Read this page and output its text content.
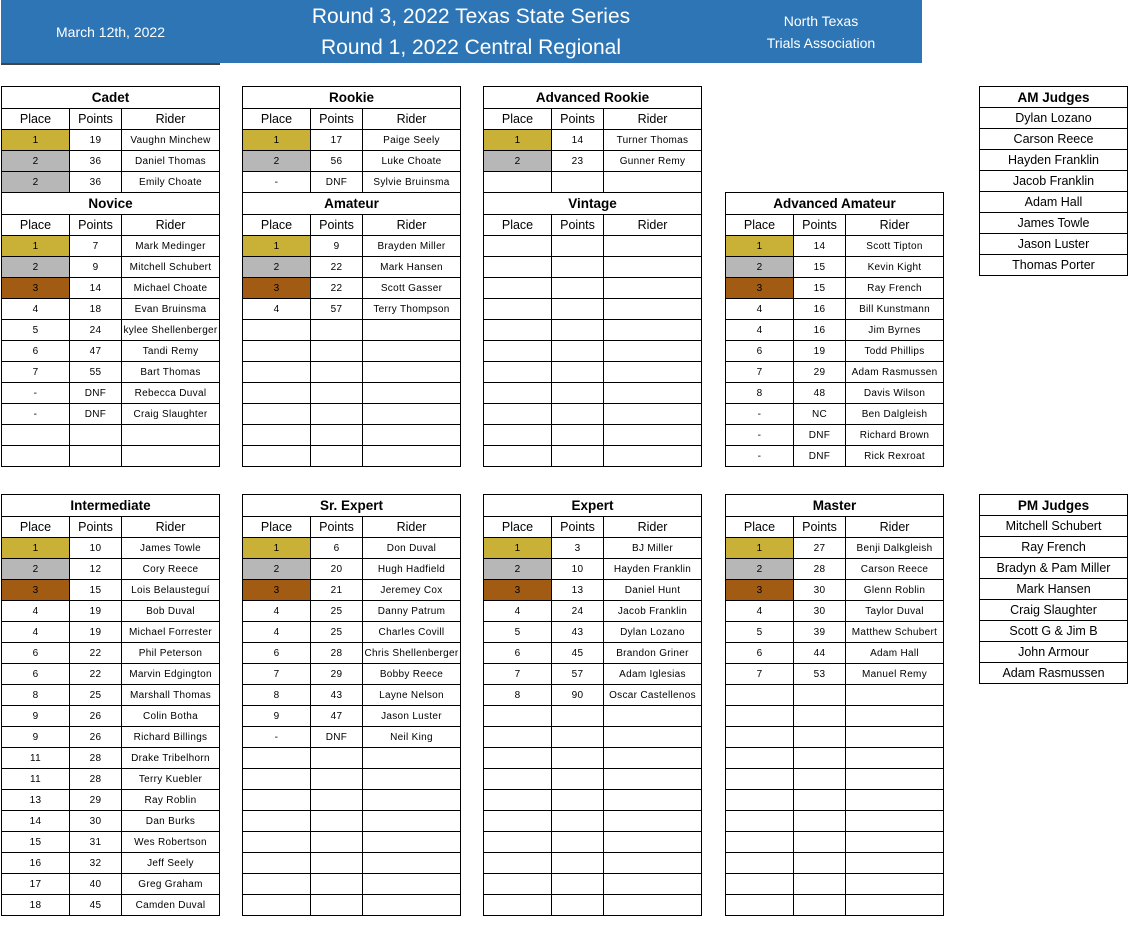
March 12th, 2022
Round 3, 2022 Texas State Series
Round 1, 2022 Central Regional
North Texas
Trials Association
Cadet		
Place	Points	Rider
1	19	Vaughn Minchew
2	36	Daniel Thomas
2	36	Emily Choate
Rookie		
Place	Points	Rider
1	17	Paige Seely
2	56	Luke Choate
-	DNF	Sylvie Bruinsma
Advanced Rookie		
Place	Points	Rider
1	14	Turner Thomas
2	23	Gunner Remy

Novice		
Place	Points	Rider
1	7	Mark Medinger
2	9	Mitchell Schubert
3	14	Michael Choate
4	18	Evan Bruinsma
5	24	kylee Shellenberger
6	47	Tandi Remy
7	55	Bart Thomas
-	DNF	Rebecca Duval
-	DNF	Craig Slaughter

Amateur		
Place	Points	Rider
1	9	Brayden Miller
2	22	Mark Hansen
3	22	Scott Gasser
4	57	Terry Thompson

Vintage		
Place	Points	Rider

Advanced Amateur		
Place	Points	Rider
1	14	Scott Tipton
2	15	Kevin Kight
3	15	Ray French
4	16	Bill Kunstmann
4	16	Jim Byrnes
6	19	Todd Phillips
7	29	Adam Rasmussen
8	48	Davis Wilson
-	NC	Ben Dalgleish
-	DNF	Richard Brown
-	DNF	Rick Rexroat
Intermediate		
Place	Points	Rider
1	10	James Towle
2	12	Cory Reece
3	15	Lois Belausteguí
4	19	Bob Duval
4	19	Michael Forrester
6	22	Phil Peterson
6	22	Marvin Edgington
8	25	Marshall Thomas
9	26	Colin Botha
9	26	Richard Billings
11	28	Drake Tribelhorn
11	28	Terry Kuebler
13	29	Ray Roblin
14	30	Dan Burks
15	31	Wes Robertson
16	32	Jeff Seely
17	40	Greg Graham
18	45	Camden Duval
Sr. Expert		
Place	Points	Rider
1	6	Don Duval
2	20	Hugh Hadfield
3	21	Jeremey Cox
4	25	Danny Patrum
4	25	Charles Covill
6	28	Chris Shellenberger
7	29	Bobby Reece
8	43	Layne Nelson
9	47	Jason Luster
-	DNF	Neil King

Expert		
Place	Points	Rider
1	3	BJ Miller
2	10	Hayden Franklin
3	13	Daniel Hunt
4	24	Jacob Franklin
5	43	Dylan Lozano
6	45	Brandon Griner
7	57	Adam Iglesias
8	90	Oscar Castellenos

Master		
Place	Points	Rider
1	27	Benji Dalkgleish
2	28	Carson Reece
3	30	Glenn Roblin
4	30	Taylor Duval
5	39	Matthew Schubert
6	44	Adam Hall
7	53	Manuel Remy

AM Judges
Dylan Lozano
Carson Reece
Hayden Franklin
Jacob Franklin
Adam Hall
James Towle
Jason Luster
Thomas Porter
PM Judges
Mitchell Schubert
Ray French
Bradyn & Pam Miller
Mark Hansen
Craig Slaughter
Scott G & Jim B
John Armour
Adam Rasmussen
